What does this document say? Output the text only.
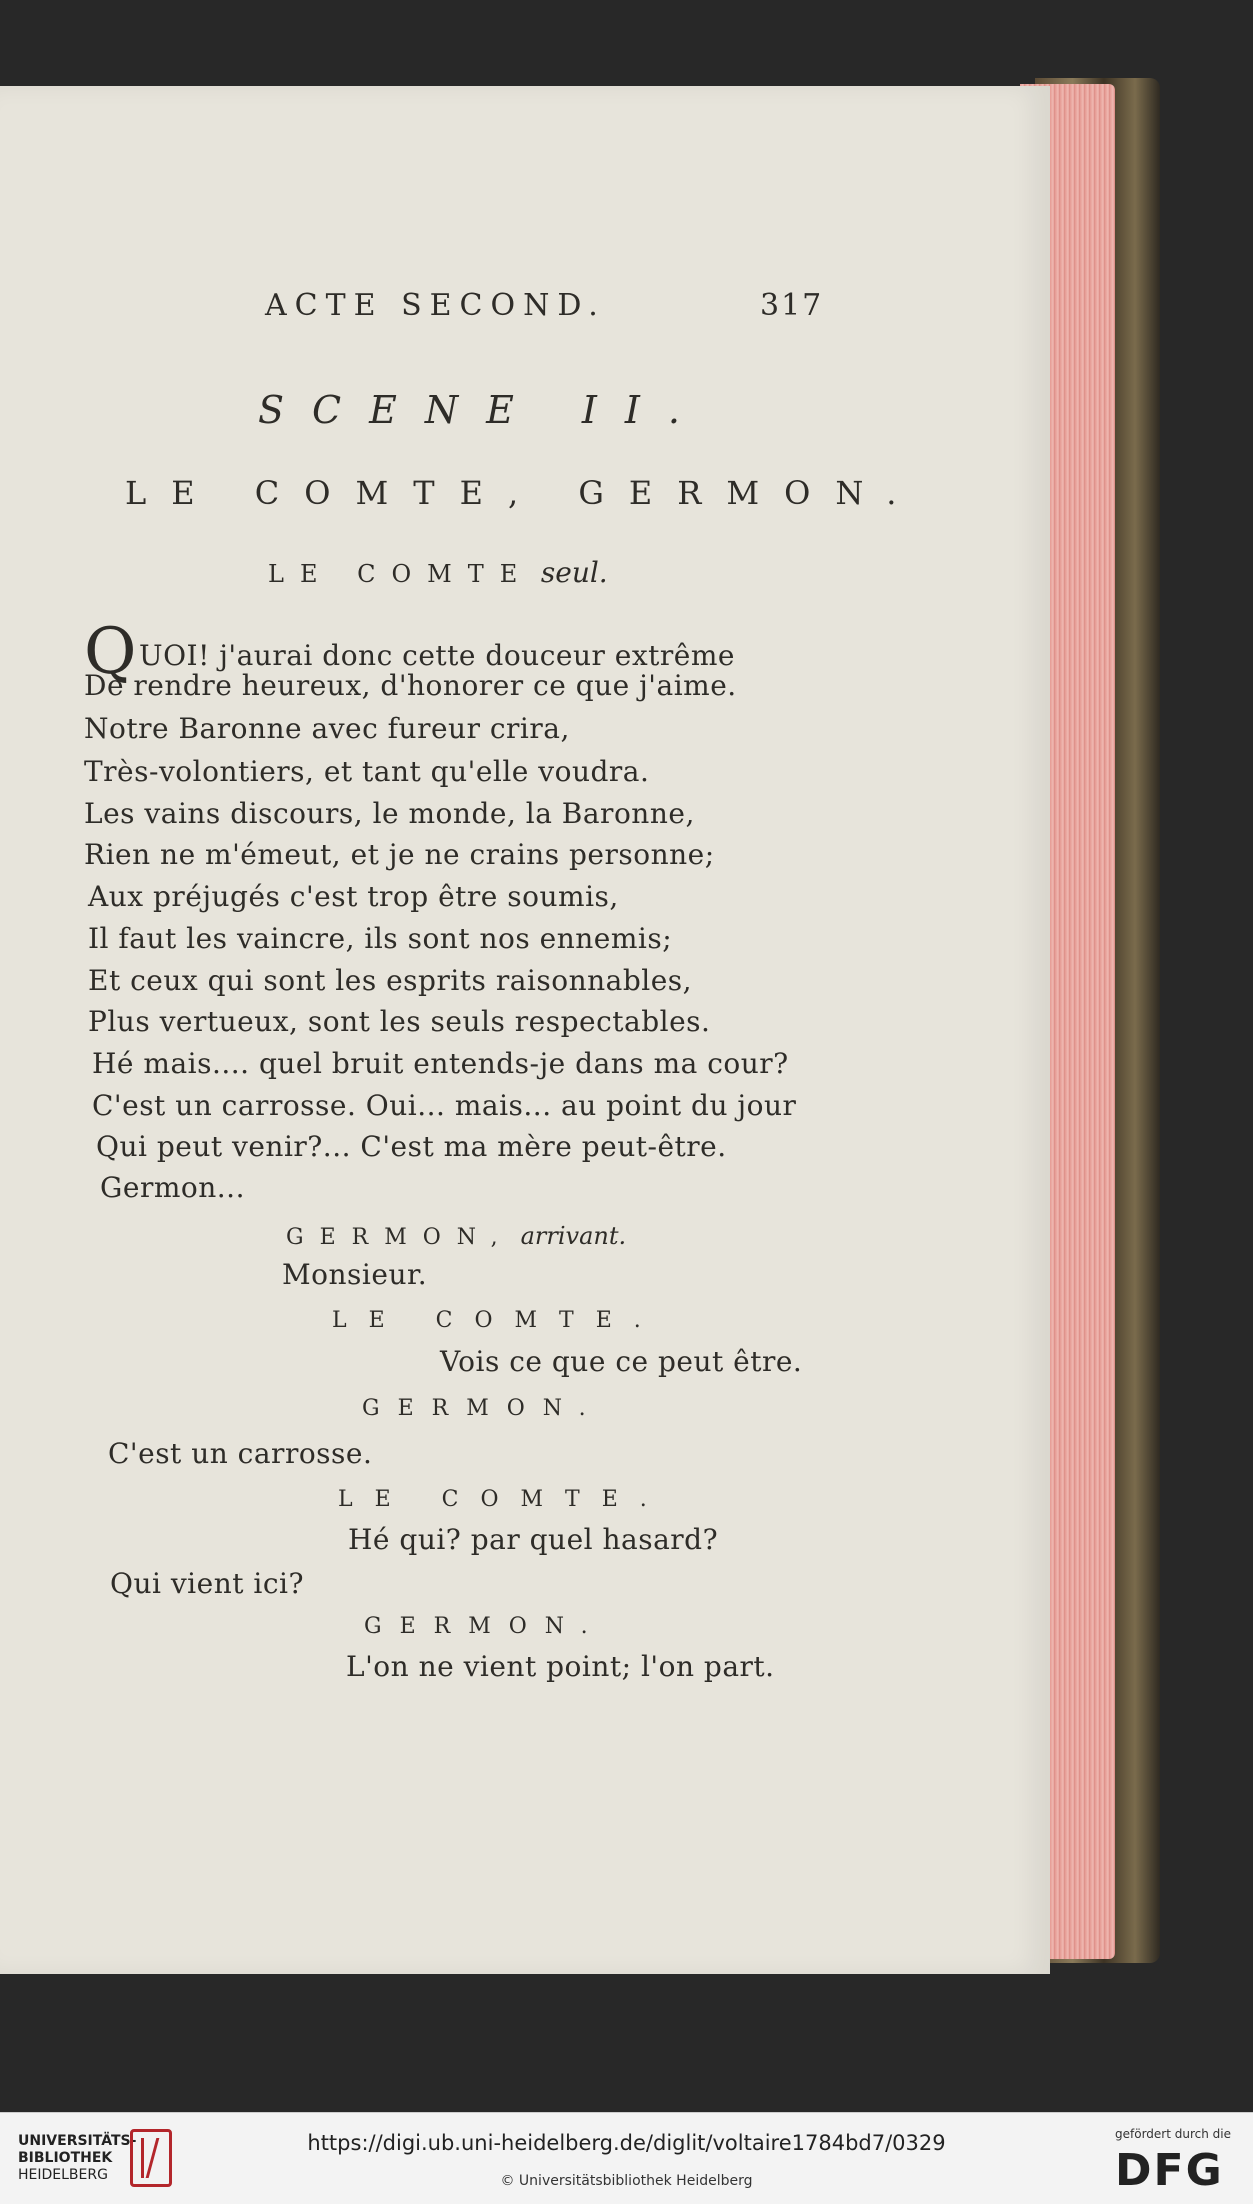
ACTE SECOND.	317
SCENE II.
LE COMTE, GERMON.
LE COMTE seul.
QUOI! j'aurai donc cette douceur extrême
De rendre heureux, d'honorer ce que j'aime.
Notre Baronne avec fureur crira,
Très-volontiers, et tant qu'elle voudra.
Les vains discours, le monde, la Baronne,
Rien ne m'émeut, et je ne crains personne;
Aux préjugés c'est trop être soumis,
Il faut les vaincre, ils sont nos ennemis;
Et ceux qui sont les esprits raisonnables,
Plus vertueux, sont les seuls respectables.
Hé mais.... quel bruit entends-je dans ma cour?
C'est un carrosse. Oui... mais... au point du jour
Qui peut venir?... C'est ma mère peut-être.
Germon...
GERMON, arrivant.
Monsieur.
LE COMTE.
Vois ce que ce peut être.
GERMON.
C'est un carrosse.
LE COMTE.
Hé qui? par quel hasard?
Qui vient ici?
GERMON.
L'on ne vient point; l'on part.
UNIVERSITÄTS-
BIBLIOTHEK
HEIDELBERG
https://digi.ub.uni-heidelberg.de/diglit/voltaire1784bd7/0329
© Universitätsbibliothek Heidelberg
gefördert durch die
DFG
